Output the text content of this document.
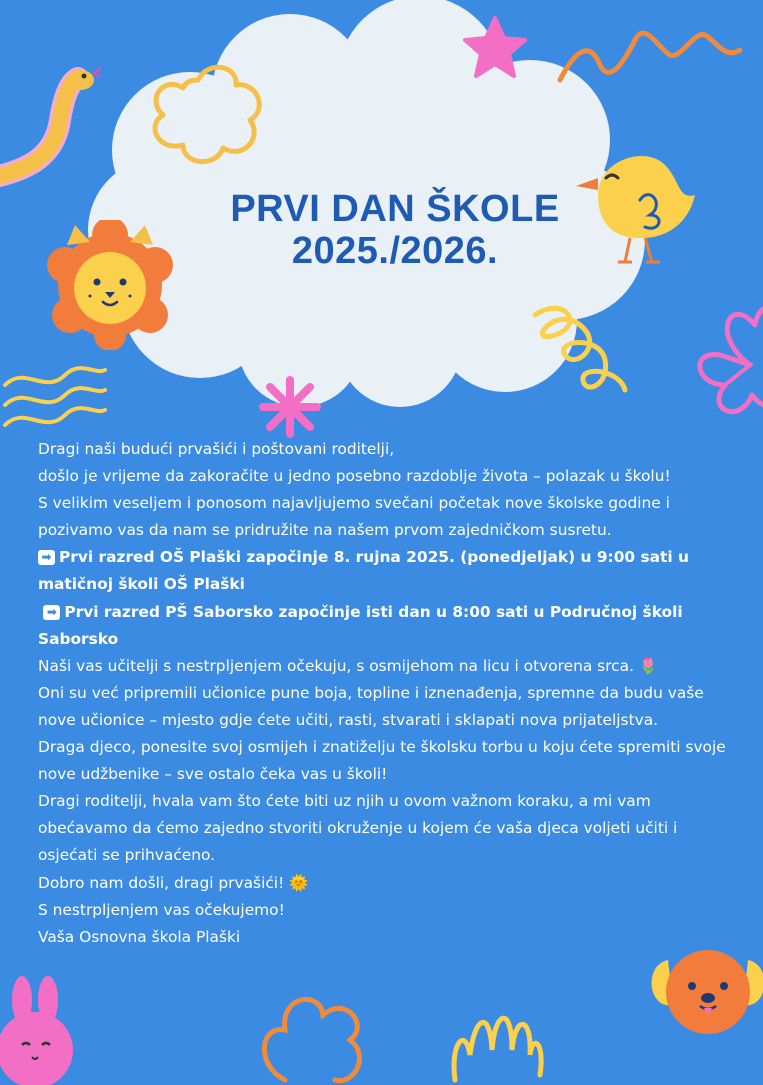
PRVI DAN ŠKOLE
2025./2026.

Dragi naši budući prvašići i poštovani roditelji,

došlo je vrijeme da zakoračite u jedno posebno razdoblje života – polazak u školu!

S velikim veseljem i ponosom najavljujemo svečani početak nove školske godine i pozivamo vas da nam se pridružite na našem prvom zajedničkom susretu.

➡ Prvi razred OŠ Plaški započinje 8. rujna 2025. (ponedjeljak) u 9:00 sati u matičnoj školi OŠ Plaški

➡ Prvi razred PŠ Saborsko započinje isti dan u 8:00 sati u Područnoj školi Saborsko

Naši vas učitelji s nestrpljenjem očekuju, s osmijehom na licu i otvorena srca. 🌷

Oni su već pripremili učionice pune boja, topline i iznenađenja, spremne da budu vaše nove učionice – mjesto gdje ćete učiti, rasti, stvarati i sklapati nova prijateljstva.

Draga djeco, ponesite svoj osmijeh i znatiželju te školsku torbu u koju ćete spremiti svoje nove udžbenike – sve ostalo čeka vas u školi!

Dragi roditelji, hvala vam što ćete biti uz njih u ovom važnom koraku, a mi vam obećavamo da ćemo zajedno stvoriti okruženje u kojem će vaša djeca voljeti učiti i osjećati se prihvaćeno.

Dobro nam došli, dragi prvašići! 🌞

S nestrpljenjem vas očekujemo!

Vaša Osnovna škola Plaški
